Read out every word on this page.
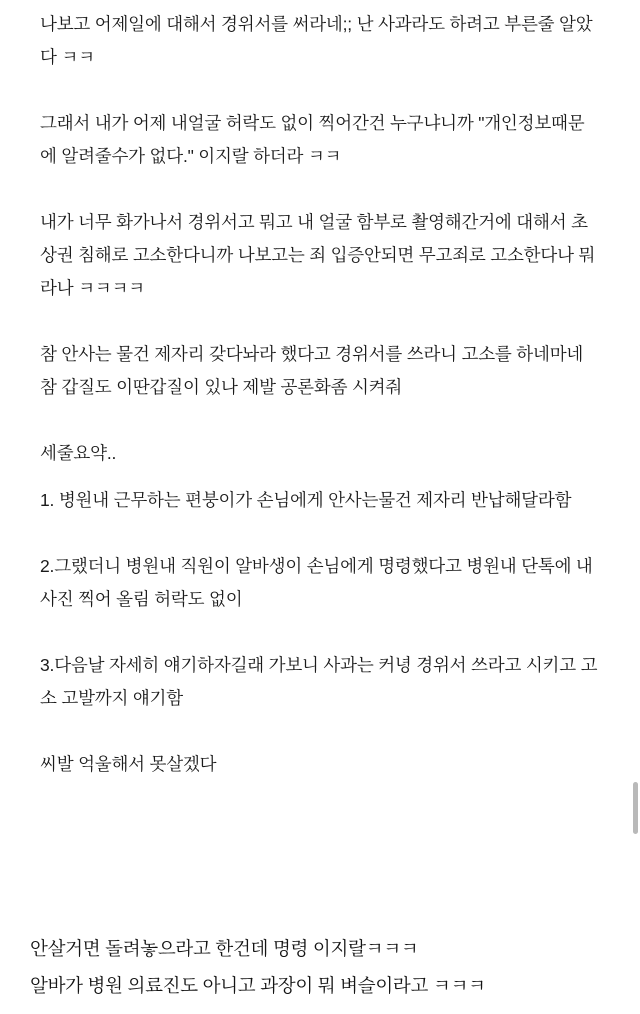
나보고 어제일에 대해서 경위서를 써라네;; 난 사과라도 하려고 부른줄 알았다 ㅋㅋ

그래서 내가 어제 내얼굴 허락도 없이 찍어간건 누구냐니까 "개인정보때문에 알려줄수가 없다." 이지랄 하더라 ㅋㅋ

내가 너무 화가나서 경위서고 뭐고 내 얼굴 함부로 촬영해간거에 대해서 초상권 침해로 고소한다니까 나보고는 죄 입증안되면 무고죄로 고소한다나 뭐라나 ㅋㅋㅋㅋ

참 안사는 물건 제자리 갖다놔라 했다고 경위서를 쓰라니 고소를 하네마네 참 갑질도 이딴갑질이 있나 제발 공론화좀 시켜줘

세줄요약..

1. 병원내 근무하는 편붕이가 손님에게 안사는물건 제자리 반납해달라함

2.그랬더니 병원내 직원이 알바생이 손님에게 명령했다고 병원내 단톡에 내사진 찍어 올림 허락도 없이

3.다음날 자세히 얘기하자길래 가보니 사과는 커녕 경위서 쓰라고 시키고 고소 고발까지 얘기함

씨발 억울해서 못살겠다

안살거면 돌려놓으라고 한건데 명령 이지랄ㅋㅋㅋ
알바가 병원 의료진도 아니고 과장이 뭐 벼슬이라고 ㅋㅋㅋ
